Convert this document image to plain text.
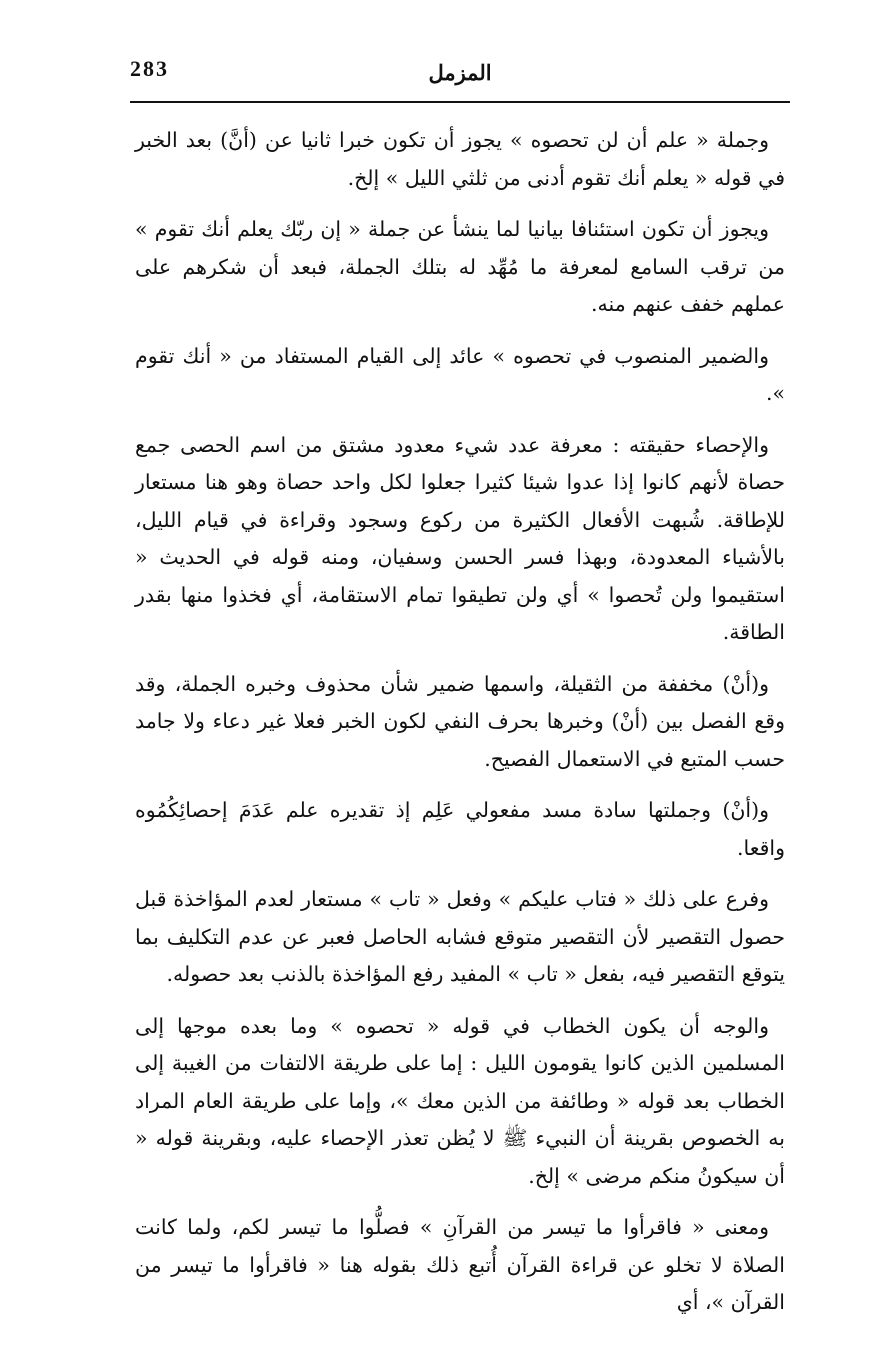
283	المزمل

وجملة « علم أن لن تحصوه » يجوز أن تكون خبرا ثانيا عن (أنَّ) بعد الخبر في قوله « يعلم أنك تقوم أدنى من ثلثي الليل » إلخ.

ويجوز أن تكون استئنافا بيانيا لما ينشأ عن جملة « إن ربّك يعلم أنك تقوم » من ترقب السامع لمعرفة ما مُهِّد له بتلك الجملة، فبعد أن شكرهم على عملهم خفف عنهم منه.

والضمير المنصوب في تحصوه » عائد إلى القيام المستفاد من « أنك تقوم ».

والإحصاء حقيقته : معرفة عدد شيء معدود مشتق من اسم الحصى جمع حصاة لأنهم كانوا إذا عدوا شيئا كثيرا جعلوا لكل واحد حصاة وهو هنا مستعار للإطاقة. شُبهت الأفعال الكثيرة من ركوع وسجود وقراءة في قيام الليل، بالأشياء المعدودة، وبهذا فسر الحسن وسفيان، ومنه قوله في الحديث « استقيموا ولن تُحصوا » أي ولن تطيقوا تمام الاستقامة، أي فخذوا منها بقدر الطاقة.

و(أنْ) مخففة من الثقيلة، واسمها ضمير شأن محذوف وخبره الجملة، وقد وقع الفصل بين (أنْ) وخبرها بحرف النفي لكون الخبر فعلا غير دعاء ولا جامد حسب المتبع في الاستعمال الفصيح.

و(أنْ) وجملتها سادة مسد مفعولي عَلِم إذ تقديره علم عَدَمَ إحصائِكُمُوه واقعا.

وفرع على ذلك « فتاب عليكم » وفعل « تاب » مستعار لعدم المؤاخذة قبل حصول التقصير لأن التقصير متوقع فشابه الحاصل فعبر عن عدم التكليف بما يتوقع التقصير فيه، بفعل « تاب » المفيد رفع المؤاخذة بالذنب بعد حصوله.

والوجه أن يكون الخطاب في قوله « تحصوه » وما بعده موجها إلى المسلمين الذين كانوا يقومون الليل : إما على طريقة الالتفات من الغيبة إلى الخطاب بعد قوله « وطائفة من الذين معك »، وإما على طريقة العام المراد به الخصوص بقرينة أن النبيء ﷺ لا يُظن تعذر الإحصاء عليه، وبقرينة قوله « أن سيكونُ منكم مرضى » إلخ.

ومعنى « فاقرأوا ما تيسر من القرآنِ » فصلُّوا ما تيسر لكم، ولما كانت الصلاة لا تخلو عن قراءة القرآن أُتبع ذلك بقوله هنا « فاقرأوا ما تيسر من القرآن »، أي
